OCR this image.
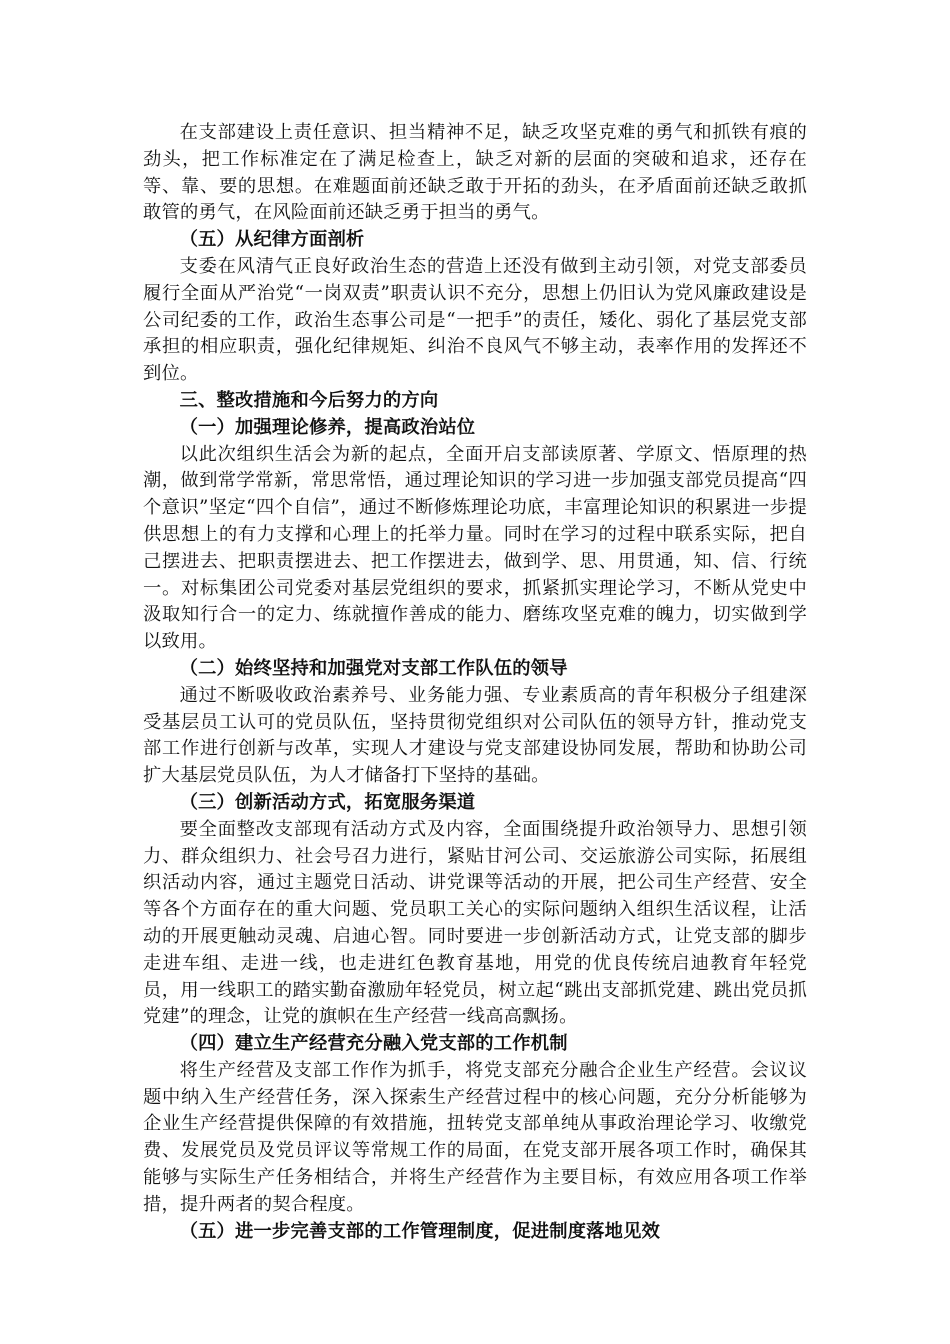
在支部建设上责任意识、担当精神不足，缺乏攻坚克难的勇气和抓铁有痕的劲头，把工作标准定在了满足检查上，缺乏对新的层面的突破和追求，还存在等、靠、要的思想。在难题面前还缺乏敢于开拓的劲头，在矛盾面前还缺乏敢抓敢管的勇气，在风险面前还缺乏勇于担当的勇气。

（五）从纪律方面剖析

支委在风清气正良好政治生态的营造上还没有做到主动引领，对党支部委员履行全面从严治党“一岗双责”职责认识不充分，思想上仍旧认为党风廉政建设是公司纪委的工作，政治生态事公司是“一把手”的责任，矮化、弱化了基层党支部承担的相应职责，强化纪律规矩、纠治不良风气不够主动，表率作用的发挥还不到位。

三、整改措施和今后努力的方向

（一）加强理论修养，提高政治站位

以此次组织生活会为新的起点，全面开启支部读原著、学原文、悟原理的热潮，做到常学常新，常思常悟，通过理论知识的学习进一步加强支部党员提高“四个意识”坚定“四个自信”，通过不断修炼理论功底，丰富理论知识的积累进一步提供思想上的有力支撑和心理上的托举力量。同时在学习的过程中联系实际，把自己摆进去、把职责摆进去、把工作摆进去，做到学、思、用贯通，知、信、行统一。对标集团公司党委对基层党组织的要求，抓紧抓实理论学习，不断从党史中汲取知行合一的定力、练就擅作善成的能力、磨练攻坚克难的魄力，切实做到学以致用。

（二）始终坚持和加强党对支部工作队伍的领导

通过不断吸收政治素养号、业务能力强、专业素质高的青年积极分子组建深受基层员工认可的党员队伍，坚持贯彻党组织对公司队伍的领导方针，推动党支部工作进行创新与改革，实现人才建设与党支部建设协同发展，帮助和协助公司扩大基层党员队伍，为人才储备打下坚持的基础。

（三）创新活动方式，拓宽服务渠道

要全面整改支部现有活动方式及内容，全面围绕提升政治领导力、思想引领力、群众组织力、社会号召力进行，紧贴甘河公司、交运旅游公司实际，拓展组织活动内容，通过主题党日活动、讲党课等活动的开展，把公司生产经营、安全等各个方面存在的重大问题、党员职工关心的实际问题纳入组织生活议程，让活动的开展更触动灵魂、启迪心智。同时要进一步创新活动方式，让党支部的脚步走进车组、走进一线，也走进红色教育基地，用党的优良传统启迪教育年轻党员，用一线职工的踏实勤奋激励年轻党员，树立起“跳出支部抓党建、跳出党员抓党建”的理念，让党的旗帜在生产经营一线高高飘扬。

（四）建立生产经营充分融入党支部的工作机制

将生产经营及支部工作作为抓手，将党支部充分融合企业生产经营。会议议题中纳入生产经营任务，深入探索生产经营过程中的核心问题，充分分析能够为企业生产经营提供保障的有效措施，扭转党支部单纯从事政治理论学习、收缴党费、发展党员及党员评议等常规工作的局面，在党支部开展各项工作时，确保其能够与实际生产任务相结合，并将生产经营作为主要目标，有效应用各项工作举措，提升两者的契合程度。

（五）进一步完善支部的工作管理制度，促进制度落地见效
